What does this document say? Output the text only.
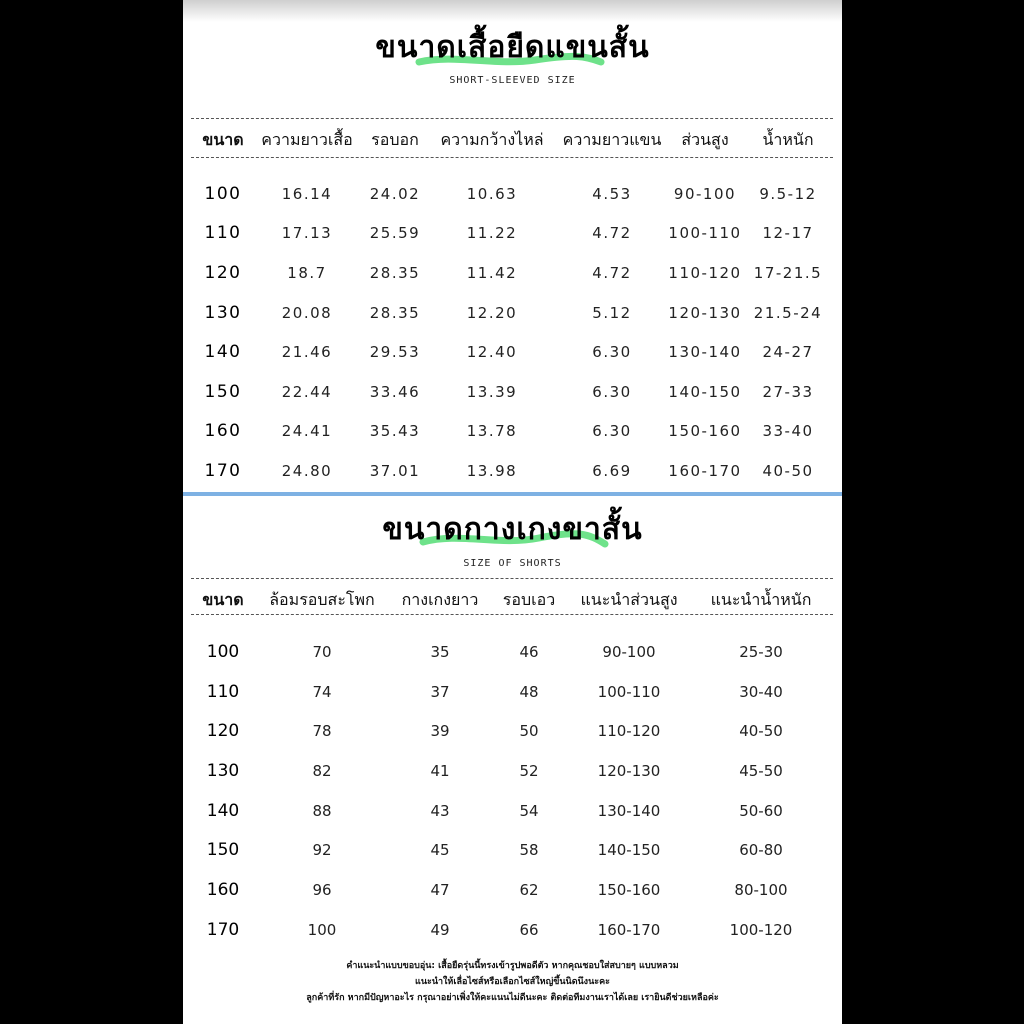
ขนาดเสื้อยืดแขนสั้น
SHORT-SLEEVED SIZE
ขนาด	ความยาวเสื้อ	รอบอก	ความกว้างไหล่	ความยาวแขน	ส่วนสูง	น้ำหนัก

100	16.14	24.02	10.63	4.53	90-100	9.5-12
110	17.13	25.59	11.22	4.72	100-110	12-17
120	18.7	28.35	11.42	4.72	110-120	17-21.5
130	20.08	28.35	12.20	5.12	120-130	21.5-24
140	21.46	29.53	12.40	6.30	130-140	24-27
150	22.44	33.46	13.39	6.30	140-150	27-33
160	24.41	35.43	13.78	6.30	150-160	33-40
170	24.80	37.01	13.98	6.69	160-170	40-50
ขนาดกางเกงขาสั้น
SIZE OF SHORTS
ขนาด	ล้อมรอบสะโพก	กางเกงยาว	รอบเอว	แนะนำส่วนสูง	แนะนำน้ำหนัก

100	70	35	46	90-100	25-30
110	74	37	48	100-110	30-40
120	78	39	50	110-120	40-50
130	82	41	52	120-130	45-50
140	88	43	54	130-140	50-60
150	92	45	58	140-150	60-80
160	96	47	62	150-160	80-100
170	100	49	66	160-170	100-120
คำแนะนำแบบขอบอุ่น: เสื้อยืดรุ่นนี้ทรงเข้ารูปพอดีตัว หากคุณชอบใส่สบายๆ แบบหลวม
แนะนำให้เลื่อไซส์หรือเลือกไซส์ใหญ่ขึ้นนิดนึงนะคะ
ลูกค้าที่รัก หากมีปัญหาอะไร กรุณาอย่าเพิ่งให้คะแนนไม่ดีนะคะ ติดต่อทีมงานเราได้เลย เรายินดีช่วยเหลือค่ะ
